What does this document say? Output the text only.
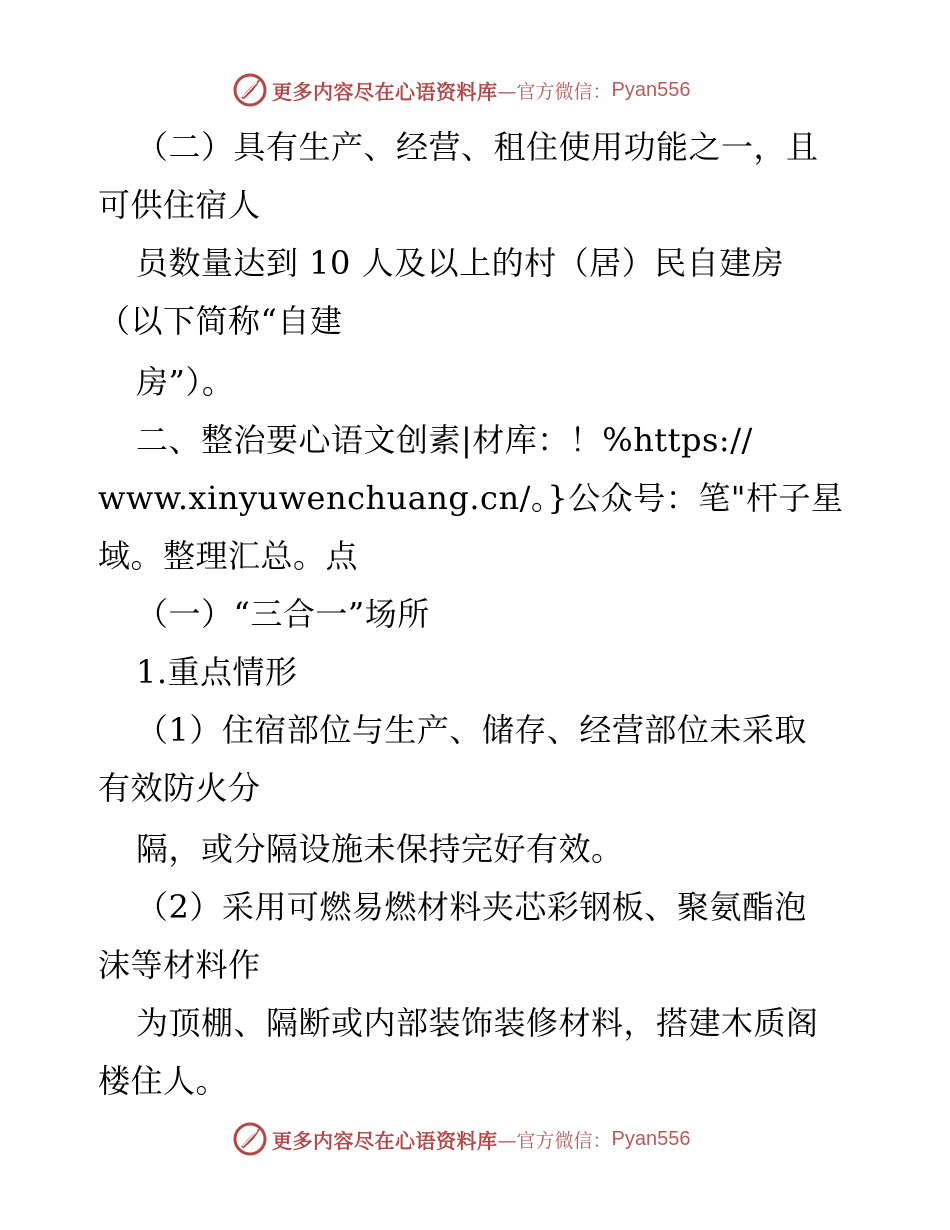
更多内容尽在心语资料库 —官方微信： Pyan556

（二）具有生产、经营、租住使用功能之一，且

可供住宿人

员数量达到 10 人及以上的村（居）民自建房

（以下简称“自建

房”）。

二、整治要心语文创素|材库：！%https://

www.xinyuwenchuang.cn/。}公众号：笔"杆子星

域。整理汇总。点

（一）“三合一”场所

1.重点情形

（1）住宿部位与生产、储存、经营部位未采取

有效防火分

隔，或分隔设施未保持完好有效。

（2）采用可燃易燃材料夹芯彩钢板、聚氨酯泡

沫等材料作

为顶棚、隔断或内部装饰装修材料，搭建木质阁

楼住人。

更多内容尽在心语资料库 —官方微信： Pyan556
